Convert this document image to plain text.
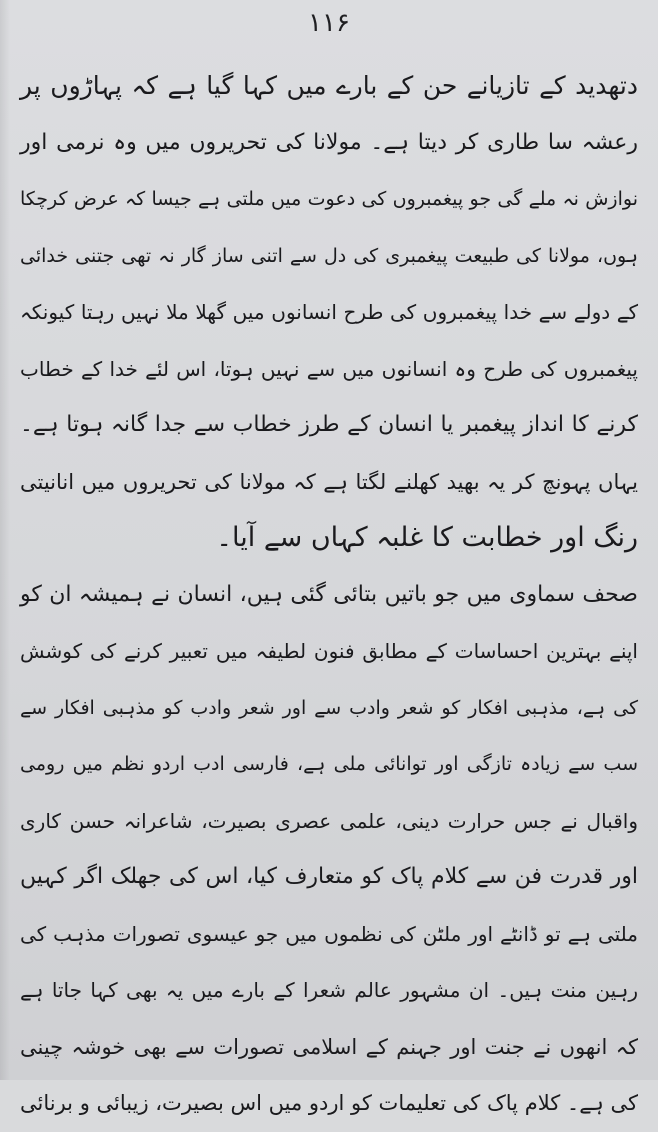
۱۱۶
دتھدید کے تازیانے حن کے بارے میں کہا گیا ہے کہ پہاڑوں پر
رعشہ سا طاری کر دیتا ہے۔ مولانا کی تحریروں میں وہ نرمی اور
نوازش نہ ملے گی جو پیغمبروں کی دعوت میں ملتی ہے جیسا کہ عرض کرچکا
ہوں، مولانا کی طبیعت پیغمبری کی دل سے اتنی ساز گار نہ تھی جتنی خدائی
کے دولے سے خدا پیغمبروں کی طرح انسانوں میں گھلا ملا نہیں رہتا کیونکہ
پیغمبروں کی طرح وہ انسانوں میں سے نہیں ہوتا، اس لئے خدا کے خطاب
کرنے کا انداز پیغمبر یا انسان کے طرز خطاب سے جدا گانہ ہوتا ہے۔
یہاں پہونچ کر یہ بھید کھلنے لگتا ہے کہ مولانا کی تحریروں میں انانیتی
رنگ اور خطابت کا غلبہ کہاں سے آیا۔
صحف سماوی میں جو باتیں بتائی گئی ہیں، انسان نے ہمیشہ ان کو
اپنے بہترین احساسات کے مطابق فنون لطیفہ میں تعبیر کرنے کی کوشش
کی ہے، مذہبی افکار کو شعر وادب سے اور شعر وادب کو مذہبی افکار سے
سب سے زیادہ تازگی اور توانائی ملی ہے، فارسی ادب اردو نظم میں رومی
واقبال نے جس حرارت دینی، علمی عصری بصیرت، شاعرانہ حسن کاری
اور قدرت فن سے کلام پاک کو متعارف کیا، اس کی جھلک اگر کہیں
ملتی ہے تو ڈانٹے اور ملٹن کی نظموں میں جو عیسوی تصورات مذہب کی
رہین منت ہیں۔ ان مشہور عالم شعرا کے بارے میں یہ بھی کہا جاتا ہے
کہ انھوں نے جنت اور جہنم کے اسلامی تصورات سے بھی خوشہ چینی
کی ہے۔ کلام پاک کی تعلیمات کو اردو میں اس بصیرت، زیبائی و برنائی
